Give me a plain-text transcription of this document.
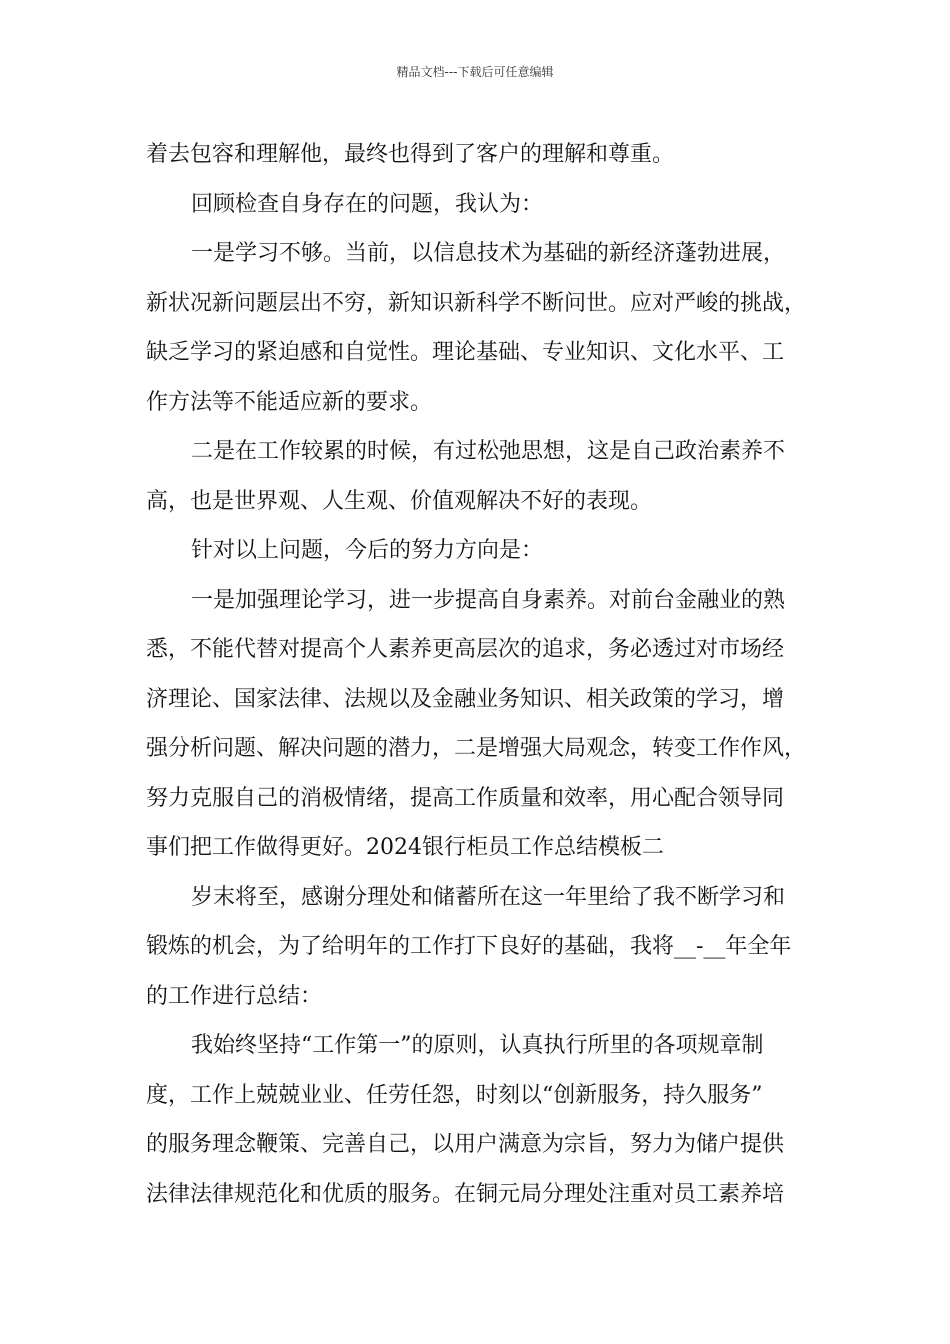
精品文档---下载后可任意编辑
着去包容和理解他，最终也得到了客户的理解和尊重。
回顾检查自身存在的问题，我认为：
一是学习不够。当前，以信息技术为基础的新经济蓬勃进展，
新状况新问题层出不穷，新知识新科学不断问世。应对严峻的挑战，
缺乏学习的紧迫感和自觉性。理论基础、专业知识、文化水平、工
作方法等不能适应新的要求。
二是在工作较累的时候，有过松弛思想，这是自己政治素养不
高，也是世界观、人生观、价值观解决不好的表现。
针对以上问题，今后的努力方向是：
一是加强理论学习，进一步提高自身素养。对前台金融业的熟
悉，不能代替对提高个人素养更高层次的追求，务必透过对市场经
济理论、国家法律、法规以及金融业务知识、相关政策的学习，增
强分析问题、解决问题的潜力，二是增强大局观念，转变工作作风，
努力克服自己的消极情绪，提高工作质量和效率，用心配合领导同
事们把工作做得更好。2024银行柜员工作总结模板二
岁末将至，感谢分理处和储蓄所在这一年里给了我不断学习和
锻炼的机会，为了给明年的工作打下良好的基础，我将__-__年全年
的工作进行总结：
我始终坚持“工作第一”的原则，认真执行所里的各项规章制
度，工作上兢兢业业、任劳任怨，时刻以“创新服务，持久服务”
的服务理念鞭策、完善自己，以用户满意为宗旨，努力为储户提供
法律法律规范化和优质的服务。在铜元局分理处注重对员工素养培
